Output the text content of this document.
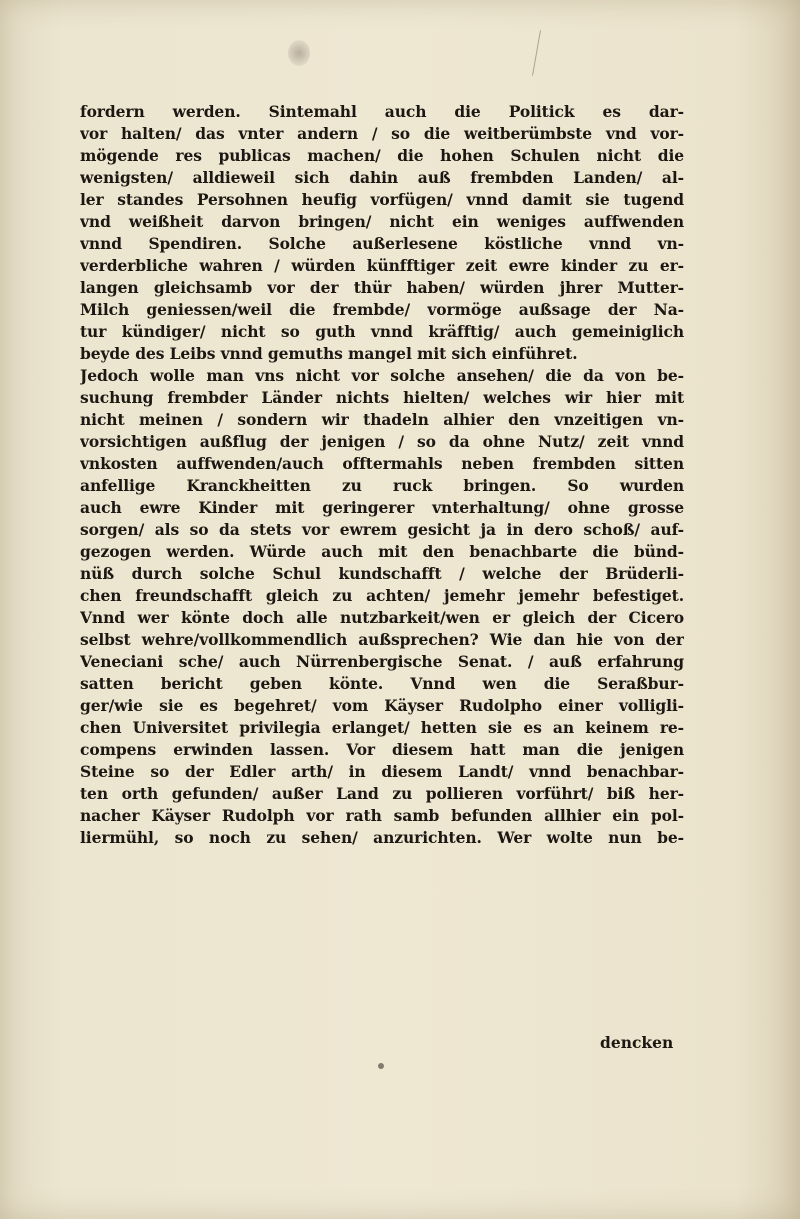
fordern werden. Sintemahl auch die Politick es dar-
vor halten/ das vnter andern / so die weitberümbste vnd vor-
mögende res publicas machen/ die hohen Schulen nicht die
wenigsten/ alldieweil sich dahin auß frembden Landen/ al-
ler standes Persohnen heufig vorfügen/ vnnd damit sie tugend
vnd weißheit darvon bringen/ nicht ein weniges auffwenden
vnnd Spendiren. Solche außerlesene köstliche vnnd vn-
verderbliche wahren / würden künfftiger zeit ewre kinder zu er-
langen gleichsamb vor der thür haben/ würden jhrer Mutter-
Milch geniessen/weil die frembde/ vormöge außsage der Na-
tur kündiger/ nicht so guth vnnd kräfftig/ auch gemeiniglich
beyde des Leibs vnnd gemuths mangel mit sich einführet.
Jedoch wolle man vns nicht vor solche ansehen/ die da von be-
suchung frembder Länder nichts hielten/ welches wir hier mit
nicht meinen / sondern wir thadeln alhier den vnzeitigen vn-
vorsichtigen außflug der jenigen / so da ohne Nutz/ zeit vnnd
vnkosten auffwenden/auch offtermahls neben frembden sitten
anfellige Kranckheitten zu ruck bringen. So wurden
auch ewre Kinder mit geringerer vnterhaltung/ ohne grosse
sorgen/ als so da stets vor ewrem gesicht ja in dero schoß/ auf-
gezogen werden. Würde auch mit den benachbarte die bünd-
nüß durch solche Schul kundschafft / welche der Brüderli-
chen freundschafft gleich zu achten/ jemehr jemehr befestiget.
Vnnd wer könte doch alle nutzbarkeit/wen er gleich der Cicero
selbst wehre/vollkommendlich außsprechen? Wie dan hie von der
Veneciani sche/ auch Nürrenbergische Senat. / auß erfahrung
satten bericht geben könte. Vnnd wen die Seraßbur-
ger/wie sie es begehret/ vom Käyser Rudolpho einer volligli-
chen Universitet privilegia erlanget/ hetten sie es an keinem re-
compens erwinden lassen. Vor diesem hatt man die jenigen
Steine so der Edler arth/ in diesem Landt/ vnnd benachbar-
ten orth gefunden/ außer Land zu pollieren vorführt/ biß her-
nacher Käyser Rudolph vor rath samb befunden allhier ein pol-
liermühl, so noch zu sehen/ anzurichten. Wer wolte nun be-
dencken
